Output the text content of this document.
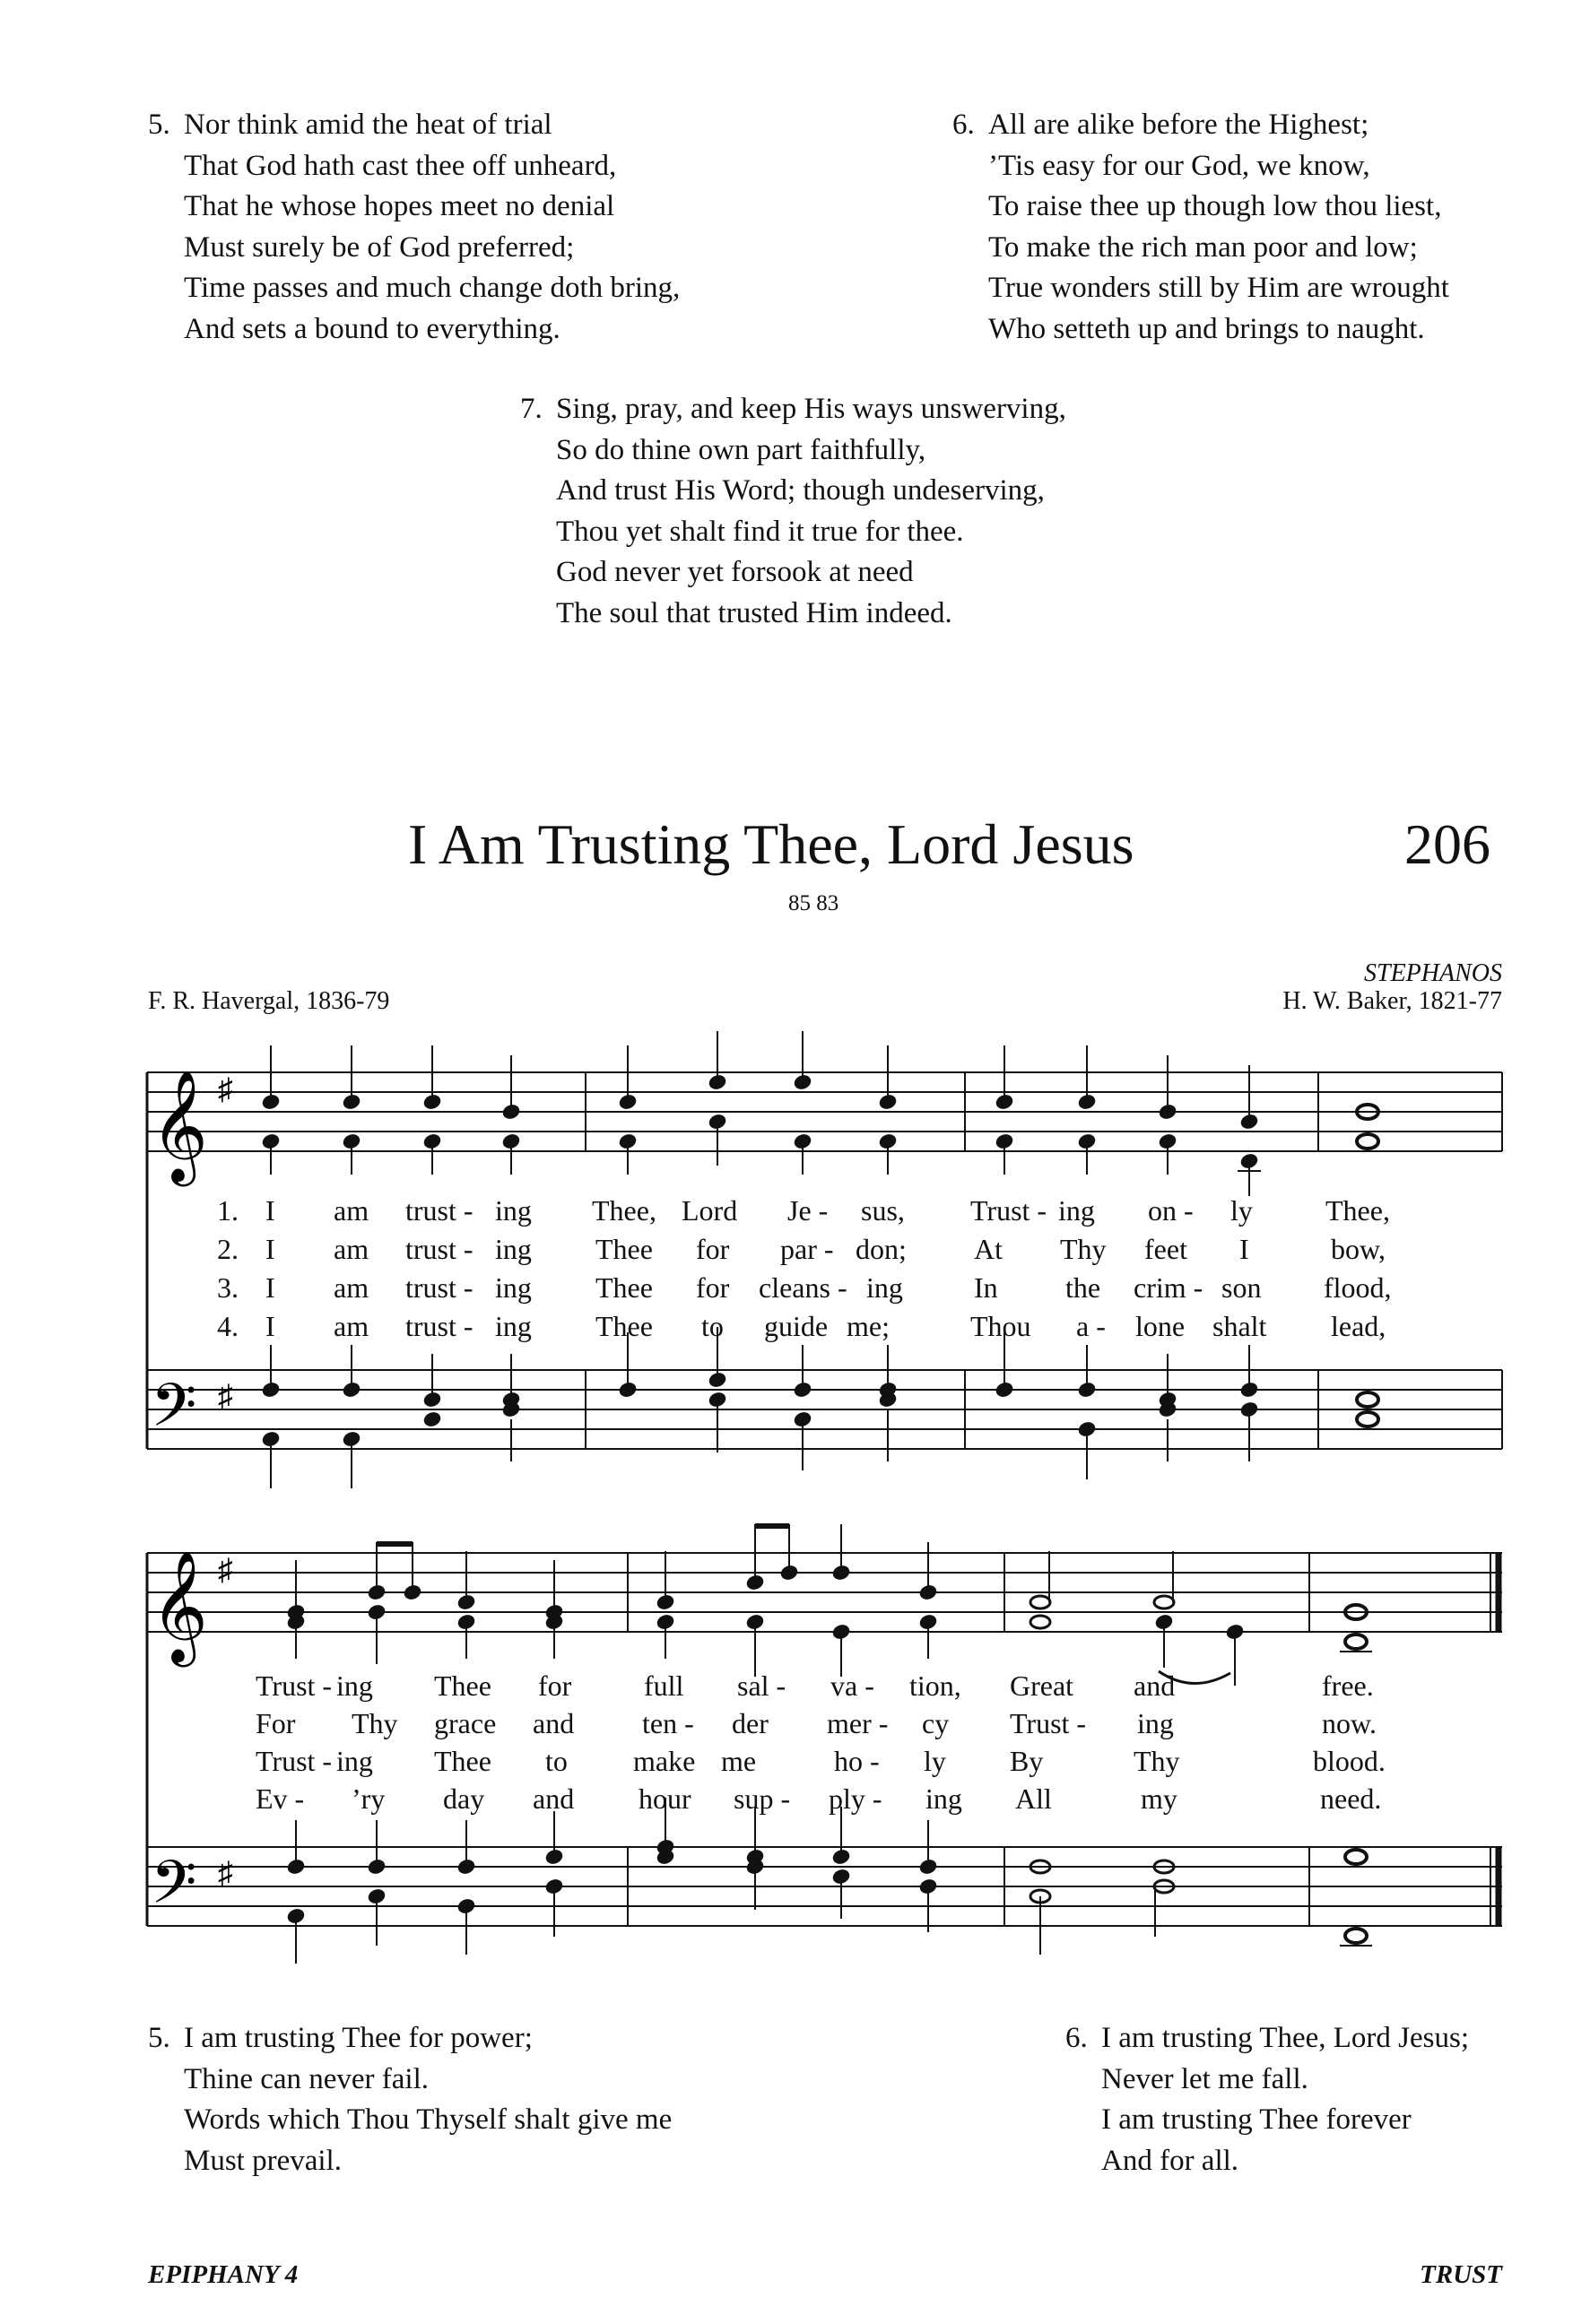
5. Nor think amid the heat of trial
That God hath cast thee off unheard,
That he whose hopes meet no denial
Must surely be of God preferred;
Time passes and much change doth bring,
And sets a bound to everything.
6. All are alike before the Highest;
’Tis easy for our God, we know,
To raise thee up though low thou liest,
To make the rich man poor and low;
True wonders still by Him are wrought
Who setteth up and brings to naught.
7. Sing, pray, and keep His ways unswerving,
So do thine own part faithfully,
And trust His Word; though undeserving,
Thou yet shalt find it true for thee.
God never yet forsook at need
The soul that trusted Him indeed.
I Am Trusting Thee, Lord Jesus	206
85 83
STEPHANOS
F. R. Havergal, 1836-79	H. W. Baker, 1821-77
𝄞 ♯
𝄢 ♯
𝄞 ♯
𝄢 ♯
1. I am trust - ing Thee, Lord Je - sus, Trust - ing on - ly	Thee,
2. I am trust - ing Thee for par - don; At Thy feet I	bow,
3. I am trust - ing Thee for cleans - ing In the crim - son flood,
4. I am trust - ing Thee to guide me;	Thou a - lone shalt lead,
Trust - ing Thee for	full sal - va - tion, Great and	free.
For Thy grace and ten - der mer - cy Trust - ing	now.
Trust - ing Thee to make me	ho - ly By	Thy	blood.
Ev - ’ry day and hour sup - ply - ing All	my	need.
5. I am trusting Thee for power;
Thine can never fail.
Words which Thou Thyself shalt give me
Must prevail.
6. I am trusting Thee, Lord Jesus;
Never let me fall.
I am trusting Thee forever
And for all.
EPIPHANY 4	TRUST
